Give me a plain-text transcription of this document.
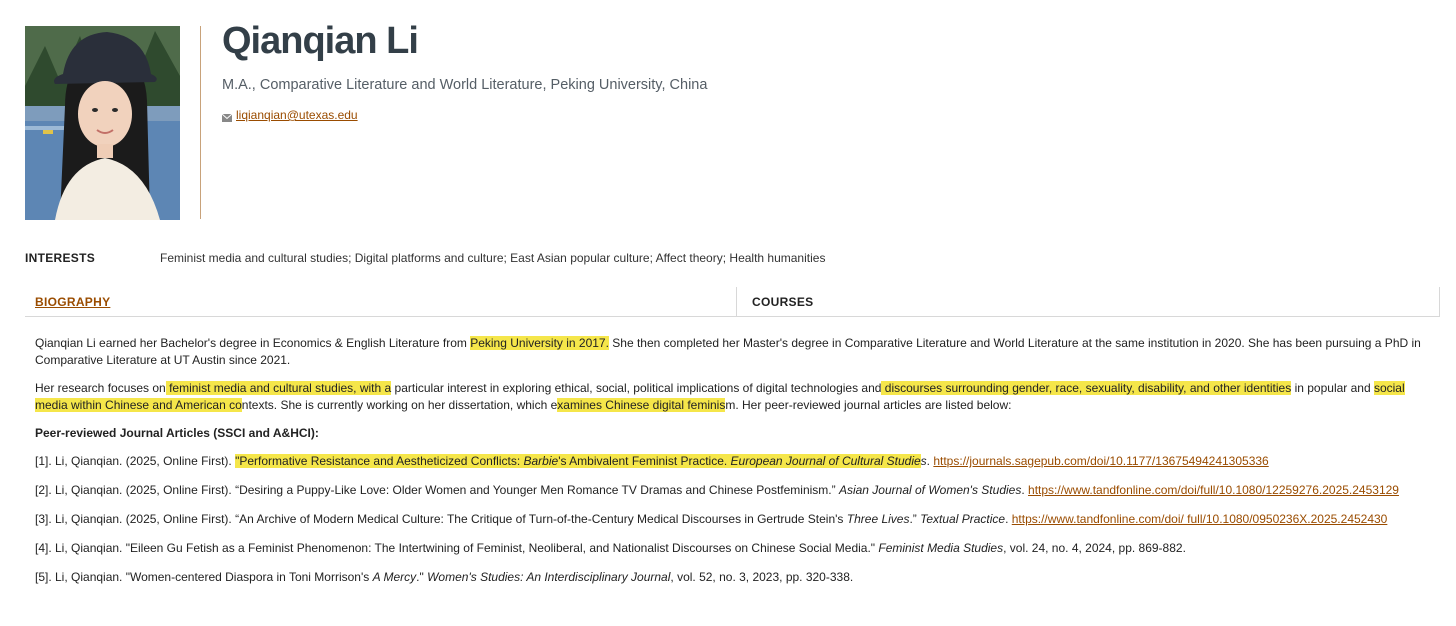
Qianqian Li
M.A., Comparative Literature and World Literature, Peking University, China
liqianqian@utexas.edu
INTERESTS	Feminist media and cultural studies; Digital platforms and culture; East Asian popular culture; Affect theory; Health humanities
BIOGRAPHY	COURSES

Qianqian Li earned her Bachelor's degree in Economics & English Literature from Peking University in 2017. She then completed her Master's degree in Comparative Literature and World Literature at the same institution in 2020. She has been pursuing a PhD in Comparative Literature at UT Austin since 2021.

Her research focuses on feminist media and cultural studies, with a particular interest in exploring ethical, social, political implications of digital technologies and discourses surrounding gender, race, sexuality, disability, and other identities in popular and social media within Chinese and American contexts. She is currently working on her dissertation, which examines Chinese digital feminism. Her peer-reviewed journal articles are listed below:

Peer-reviewed Journal Articles (SSCI and A&HCI):

[1]. Li, Qianqian. (2025, Online First). "Performative Resistance and Aestheticized Conflicts: Barbie's Ambivalent Feminist Practice. European Journal of Cultural Studies. https://journals.sagepub.com/doi/10.1177/13675494241305336

[2]. Li, Qianqian. (2025, Online First). “Desiring a Puppy-Like Love: Older Women and Younger Men Romance TV Dramas and Chinese Postfeminism.” Asian Journal of Women's Studies. https://www.tandfonline.com/doi/full/10.1080/12259276.2025.2453129

[3]. Li, Qianqian. (2025, Online First). “An Archive of Modern Medical Culture: The Critique of Turn-of-the-Century Medical Discourses in Gertrude Stein's Three Lives.” Textual Practice. https://www.tandfonline.com/doi/ full/10.1080/0950236X.2025.2452430

[4]. Li, Qianqian. "Eileen Gu Fetish as a Feminist Phenomenon: The Intertwining of Feminist, Neoliberal, and Nationalist Discourses on Chinese Social Media." Feminist Media Studies, vol. 24, no. 4, 2024, pp. 869-882.

[5]. Li, Qianqian. "Women-centered Diaspora in Toni Morrison's A Mercy." Women's Studies: An Interdisciplinary Journal, vol. 52, no. 3, 2023, pp. 320-338.
